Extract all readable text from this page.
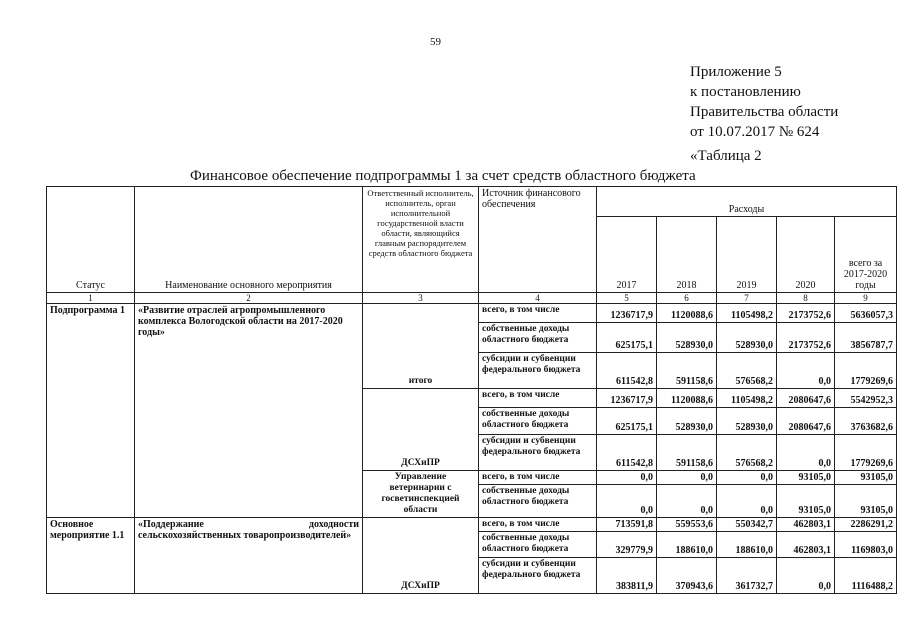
59
Приложение 5
к постановлению
Правительства области
от 10.07.2017 № 624
«Таблица 2
Финансовое обеспечение подпрограммы 1 за счет средств областного бюджета
Статус	Наименование основного мероприятия	Ответственный исполнитель, исполнитель, орган исполнительной государственной власти области, являющийся главным распорядителем средств областного бюджета	Источник финансового обеспечения	Расходы				
				2017	2018	2019	2020	всего за 2017-2020 годы
1	2	3	4	5	6	7	8	9
Подпрограмма 1	«Развитие отраслей агропромышленного комплекса Вологодской области на 2017-2020 годы»	итого	всего, в том числе	1236717,9	1120088,6	1105498,2	2173752,6	5636057,3
			собственные доходы областного бюджета	625175,1	528930,0	528930,0	2173752,6	3856787,7
			субсидии и субвенции федерального бюджета	611542,8	591158,6	576568,2	0,0	1779269,6
		ДСХиПР	всего, в том числе	1236717,9	1120088,6	1105498,2	2080647,6	5542952,3
			собственные доходы областного бюджета	625175,1	528930,0	528930,0	2080647,6	3763682,6
			субсидии и субвенции федерального бюджета	611542,8	591158,6	576568,2	0,0	1779269,6
		Управление ветеринарии с госветинспекцией области	всего, в том числе	0,0	0,0	0,0	93105,0	93105,0
			собственные доходы областного бюджета	0,0	0,0	0,0	93105,0	93105,0
Основное мероприятие 1.1	«Поддержание доходности сельскохозяйственных товаропроизводителей»	ДСХиПР	всего, в том числе	713591,8	559553,6	550342,7	462803,1	2286291,2
			собственные доходы областного бюджета	329779,9	188610,0	188610,0	462803,1	1169803,0
			субсидии и субвенции федерального бюджета	383811,9	370943,6	361732,7	0,0	1116488,2
